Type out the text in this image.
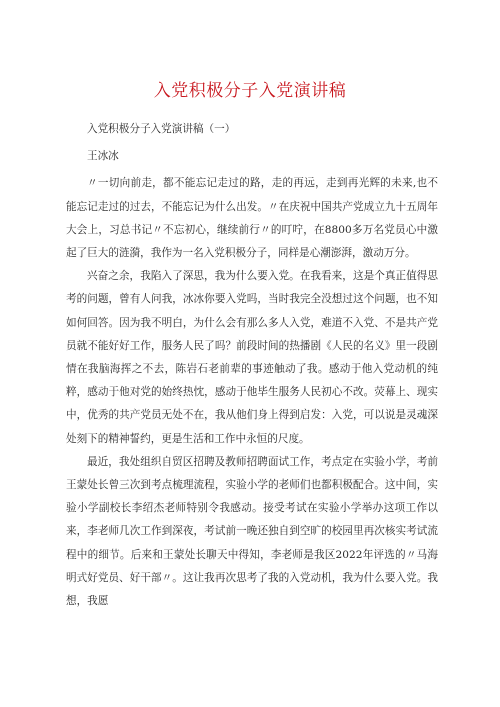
入党积极分子入党演讲稿

入党积极分子入党演讲稿（一）

王冰冰

〃一切向前走，都不能忘记走过的路，走的再远，走到再光辉的未来,也不能忘记走过的过去，不能忘记为什么出发。〃在庆祝中国共产党成立九十五周年大会上，习总书记〃不忘初心，继续前行〃的叮咛，在8800多万名党员心中激起了巨大的涟漪，我作为一名入党积极分子，同样是心潮澎湃，激动万分。

兴奋之余，我陷入了深思，我为什么要入党。在我看来，这是个真正值得思考的问题，曾有人问我，冰冰你要入党吗，当时我完全没想过这个问题，也不知如何回答。因为我不明白，为什么会有那么多人入党，难道不入党、不是共产党员就不能好好工作，服务人民了吗？前段时间的热播剧《人民的名义》里一段剧情在我脑海挥之不去，陈岩石老前辈的事迹触动了我。感动于他入党动机的纯粹，感动于他对党的始终热忱，感动于他毕生服务人民初心不改。荧幕上、现实中，优秀的共产党员无处不在，我从他们身上得到启发：入党，可以说是灵魂深处刻下的精神誓约，更是生活和工作中永恒的尺度。

最近，我处组织自贸区招聘及教师招聘面试工作，考点定在实验小学，考前王蒙处长曾三次到考点梳理流程，实验小学的老师们也都积极配合。这中间，实验小学副校长李绍杰老师特别令我感动。接受考试在实验小学举办这项工作以来，李老师几次工作到深夜，考试前一晚还独自到空旷的校园里再次核实考试流程中的细节。后来和王蒙处长聊天中得知，李老师是我区2022年评选的〃马海明式好党员、好干部〃。这让我再次思考了我的入党动机，我为什么要入党。我想，我愿
